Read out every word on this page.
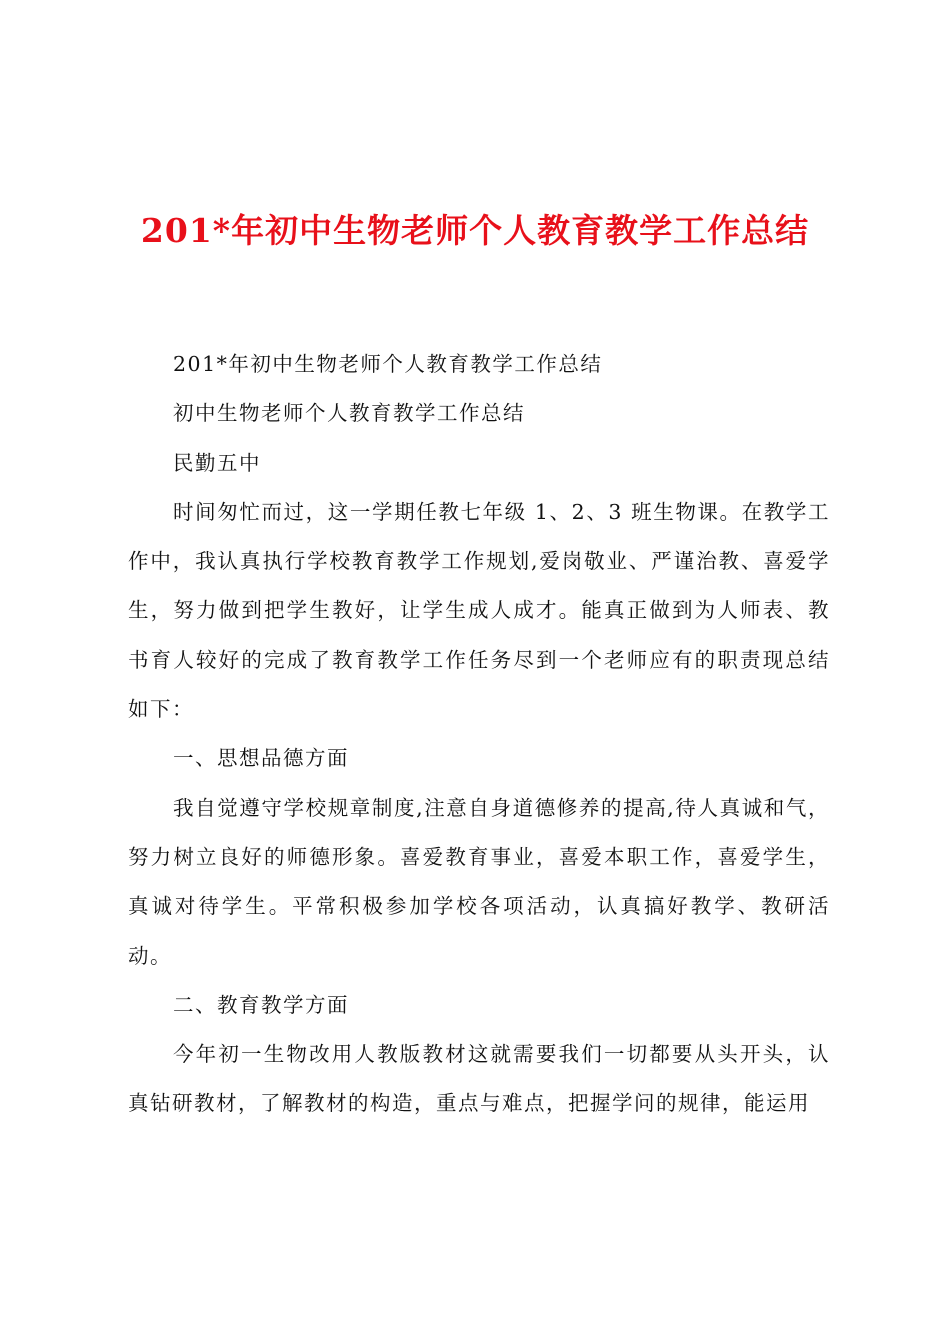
201*年初中生物老师个人教育教学工作总结

201*年初中生物老师个人教育教学工作总结

初中生物老师个人教育教学工作总结

民勤五中

时间匆忙而过，这一学期任教七年级 1、2、3 班生物课。在教学工作中，我认真执行学校教育教学工作规划,爱岗敬业、严谨治教、喜爱学生，努力做到把学生教好，让学生成人成才。能真正做到为人师表、教书育人较好的完成了教育教学工作任务尽到一个老师应有的职责现总结如下：

一、思想品德方面

我自觉遵守学校规章制度,注意自身道德修养的提高,待人真诚和气，努力树立良好的师德形象。喜爱教育事业，喜爱本职工作，喜爱学生，真诚对待学生。平常积极参加学校各项活动，认真搞好教学、教研活动。

二、教育教学方面

今年初一生物改用人教版教材这就需要我们一切都要从头开头，认真钻研教材，了解教材的构造，重点与难点，把握学问的规律，能运用
